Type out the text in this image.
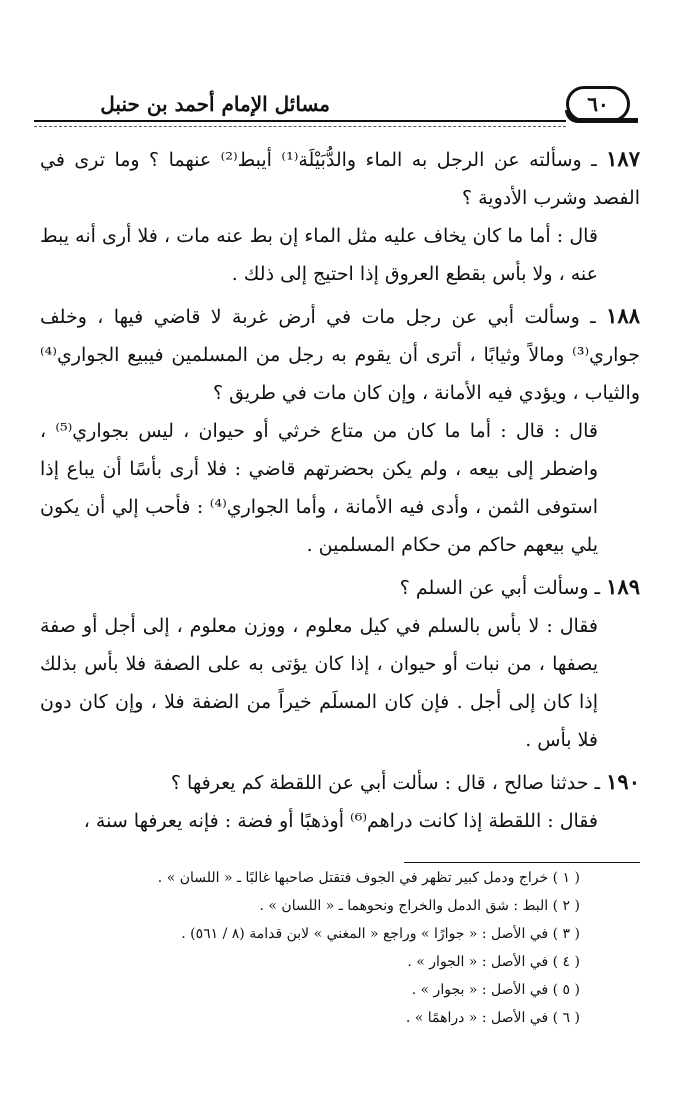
٦٠
مسائل الإمام أحمد بن حنبل

١٨٧ ـ وسألته عن الرجل به الماء والدُّبَيْلَة⁽¹⁾ أيبط⁽²⁾ عنهما ؟ وما ترى في الفصد وشرب الأدوية ؟

قال : أما ما كان يخاف عليه مثل الماء إن بط عنه مات ، فلا أرى أنه يبط عنه ، ولا بأس بقطع العروق إذا احتيج إلى ذلك .

١٨٨ ـ وسألت أبي عن رجل مات في أرض غربة لا قاضي فيها ، وخلف جواري⁽³⁾ ومالاً وثيابًا ، أترى أن يقوم به رجل من المسلمين فيبيع الجواري⁽⁴⁾ والثياب ، ويؤدي فيه الأمانة ، وإن كان مات في طريق ؟

قال : قال : أما ما كان من متاع خرثي أو حيوان ، ليس بجواري⁽⁵⁾ ، واضطر إلى بيعه ، ولم يكن بحضرتهم قاضي : فلا أرى بأسًا أن يباع إذا استوفى الثمن ، وأدى فيه الأمانة ، وأما الجواري⁽⁴⁾ : فأحب إلي أن يكون يلي بيعهم حاكم من حكام المسلمين .

١٨٩ ـ وسألت أبي عن السلم ؟

فقال : لا بأس بالسلم في كيل معلوم ، ووزن معلوم ، إلى أجل أو صفة يصفها ، من نبات أو حيوان ، إذا كان يؤتى به على الصفة فلا بأس بذلك إذا كان إلى أجل . فإن كان المسلَم خيراً من الضفة فلا ، وإن كان دون فلا بأس .

١٩٠ ـ حدثنا صالح ، قال : سألت أبي عن اللقطة كم يعرفها ؟

فقال : اللقطة إذا كانت دراهم⁽⁶⁾ أوذهبًا أو فضة : فإنه يعرفها سنة ،

( ١ ) خراج ودمل كبير تظهر في الجوف فتقتل صاحبها غالبًا ـ « اللسان » .
( ٢ ) البط : شق الدمل والخراج ونحوهما ـ « اللسان » .
( ٣ ) في الأصل : « جوارًا » وراجع « المغني » لابن قدامة (٨ / ٥٦١) .
( ٤ ) في الأصل : « الجوار » .
( ٥ ) في الأصل : « بجوار » .
( ٦ ) في الأصل : « دراهمًا » .
